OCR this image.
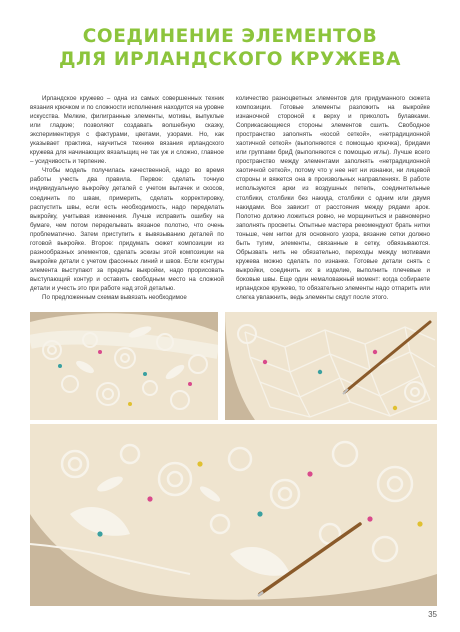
СОЕДИНЕНИЕ ЭЛЕМЕНТОВ
ДЛЯ ИРЛАНДСКОГО КРУЖЕВА

Ирландское кружево – одна из самых совершенных техник вязания крючком и по сложности исполнения находится на уровне искусства. Мелкие, филигранные элементы, мотивы, выпуклые или гладкие; позволяют создавать волшебную сказку, экспериментируя с фактурами, цветами, узорами. Но, как указывает практика, научиться технике вязания ирландского кружева для начинающих вязальщиц не так уж и сложно, главное – усидчивость и терпение.

Чтобы модель получилась качественной, надо во время работы учесть два правила. Первое: сделать точную индивидуальную выкройку деталей с учетом вытачек и скосов, соединить по швам, примерить, сделать корректировку, распустить швы, если есть необходимость, надо переделать выкройку, учитывая изменения. Лучше исправить ошибку на бумаге, чем потом переделывать вязаное полотно, что очень проблематично. Затем приступить к вывязыванию деталей по готовой выкройке. Второе: придумать сюжет композиции из разнообразных элементов, сделать эскизы этой композиции на выкройке детали с учетом фасонных линий и швов. Если контуры элемента выступают за пределы выкройки, надо прорисовать выступающий контур и оставить свободным место на сложной детали и учесть это при работе над этой деталью.

По предложенным схемам вывязать необходимое

количество разноцветных элементов для придуманного сюжета композиции. Готовые элементы разложить на выкройке изнаночной стороной к верху и приколоть булавками. Соприкасающиеся стороны элементов сшить. Свободное пространство заполнять «косой сеткой», «нетрадиционной хаотичной сеткой» (выполняются с помощью крючка), бридами или группами бриД (выполняются с помощью иглы). Лучше всего пространство между элементами заполнять «нетрадиционной хаотичной сеткой», потому что у нее нет ни изнанки, ни лицевой стороны и вяжется она в произвольных направлениях. В работе используются арки из воздушных петель, соединительные столбики, столбики без накида, столбики с одним или двумя накидами. Все зависит от расстояния между рядами арок. Полотно должно ложиться ровно, не морщиниться и равномерно заполнять просветы. Опытные мастера рекомендуют брать нитки тоньше, чем нитки для основного узора, вязание сетки должно быть тугим, элементы, связанные в сетку, обвязываются. Обрызвать нить не обязательно, переходы между мотивами кружева можно сделать по изнанке. Готовые детали снять с выкройки, соединить их в изделие, выполнить плечевые и боковые швы. Еще один немаловажный момент: когда собираете ирландское кружево, то обязательно элементы надо отпарить или слегка увлажнить, ведь элементы сядут после этого.

35
